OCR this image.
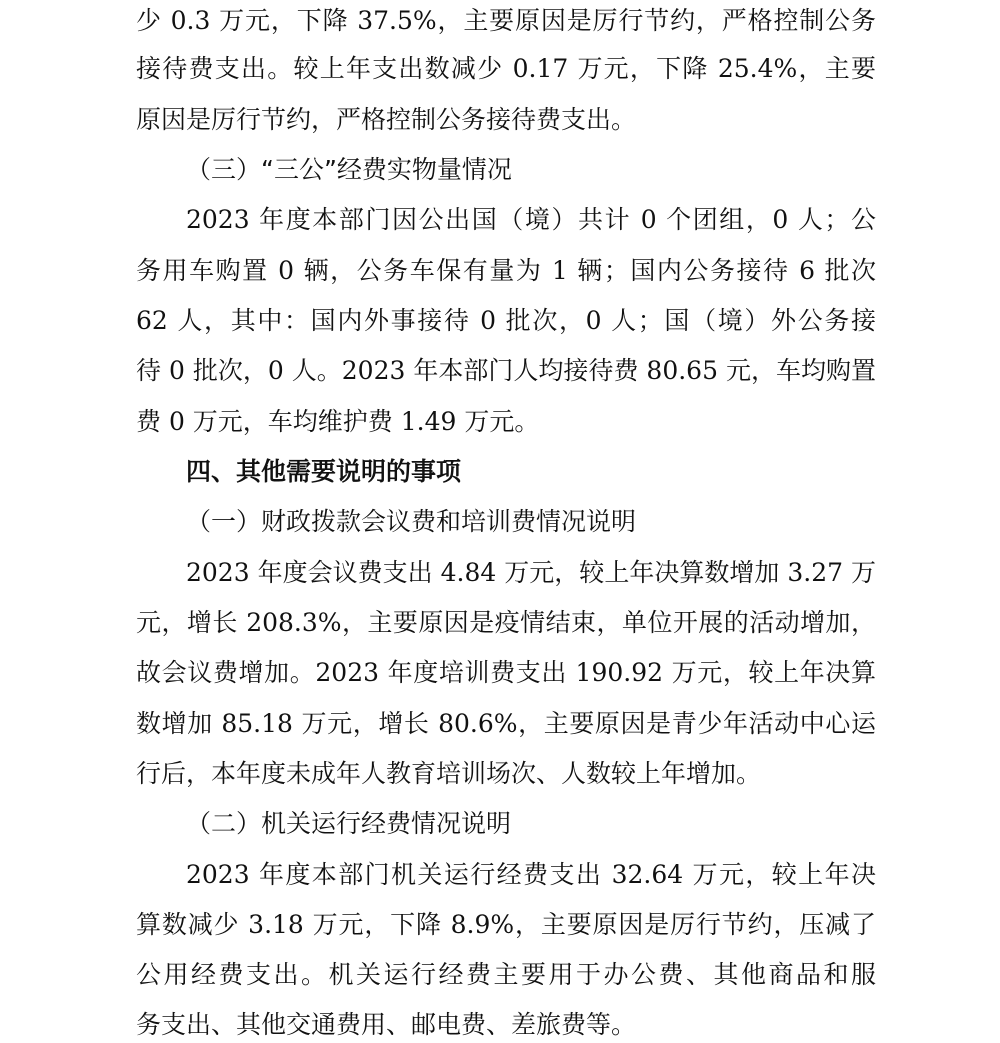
少 0.3 万元，下降 37.5%，主要原因是厉行节约，严格控制公务
接待费支出。较上年支出数减少 0.17 万元，下降 25.4%，主要
原因是厉行节约，严格控制公务接待费支出。
（三）“三公”经费实物量情况
2023 年度本部门因公出国（境）共计 0 个团组，0 人；公
务用车购置 0 辆，公务车保有量为 1 辆；国内公务接待 6 批次
62 人，其中：国内外事接待 0 批次，0 人；国（境）外公务接
待 0 批次，0 人。2023 年本部门人均接待费 80.65 元，车均购置
费 0 万元，车均维护费 1.49 万元。
四、其他需要说明的事项
（一）财政拨款会议费和培训费情况说明
2023 年度会议费支出 4.84 万元，较上年决算数增加 3.27 万
元，增长 208.3%，主要原因是疫情结束，单位开展的活动增加，
故会议费增加。2023 年度培训费支出 190.92 万元，较上年决算
数增加 85.18 万元，增长 80.6%，主要原因是青少年活动中心运
行后，本年度未成年人教育培训场次、人数较上年增加。
（二）机关运行经费情况说明
2023 年度本部门机关运行经费支出 32.64 万元，较上年决
算数减少 3.18 万元，下降 8.9%，主要原因是厉行节约，压减了
公用经费支出。机关运行经费主要用于办公费、其他商品和服
务支出、其他交通费用、邮电费、差旅费等。
